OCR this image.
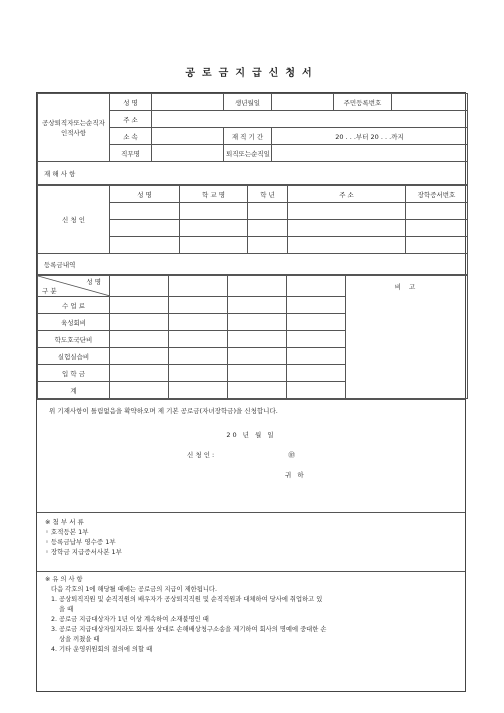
공로금지급신청서
공상퇴직자또는순직자인적사항	성 명		생년월일		주민등록번호	
	주 소					
	소 속		재 직 기 간	20 . . .부터 20 . . .까지		
	직무명		퇴직또는순직일			
재 해 사 항						
신 청 인	성 명	학 교 명	학 년	주 소	장학증서번호

등록금내역					
성 명
구 분					비 고
수 업 료					
육성회비					
학도호국단비					
실험실습비					
입 학 금					
계					
위 기재사항이 틀림없음을 확약하오며 제 기본 공로금(자녀장학금)을 신청합니다.
20 년 월 일
신 청 인 :	㊞
귀 하
※ 첨 부 서 류
◦ 호적등본 1부
◦ 등록금납부 영수증 1부
◦ 장학금 지급증서사본 1부
※ 유 의 사 항
다음 각호의 1에 해당될 때에는 공로금의 지급이 제한됩니다.
1. 공상퇴직직원 및 순직직원의 배우자가 공상퇴직직원 및 순직직원과 대체하여 당사에 취업하고 있
을 때
2. 공로금 지급대상자가 1년 이상 계속하여 소재불명인 때
3. 공로금 지급대상자일지라도 회사를 상대로 손해배상청구소송을 제기하여 회사의 명예에 중대한 손
상을 끼쳤을 때
4. 기타 운영위원회의 결의에 의할 때
